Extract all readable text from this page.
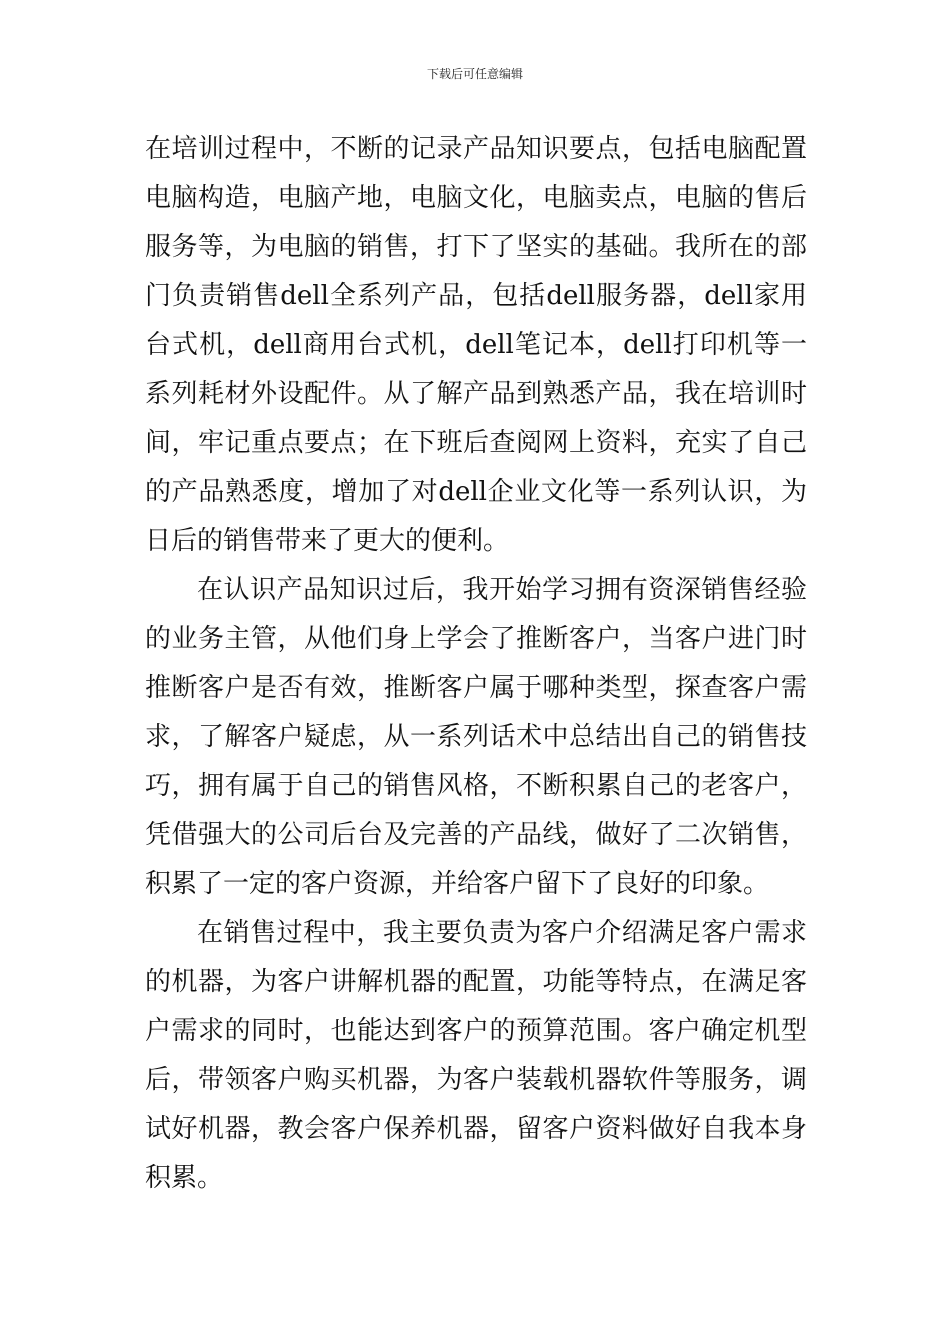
下载后可任意编辑

在培训过程中，不断的记录产品知识要点，包括电脑配置电脑构造，电脑产地，电脑文化，电脑卖点，电脑的售后服务等，为电脑的销售，打下了坚实的基础。我所在的部门负责销售dell全系列产品，包括dell服务器，dell家用台式机，dell商用台式机，dell笔记本，dell打印机等一系列耗材外设配件。从了解产品到熟悉产品，我在培训时间，牢记重点要点；在下班后查阅网上资料，充实了自己的产品熟悉度，增加了对dell企业文化等一系列认识，为日后的销售带来了更大的便利。

在认识产品知识过后，我开始学习拥有资深销售经验的业务主管，从他们身上学会了推断客户，当客户进门时推断客户是否有效，推断客户属于哪种类型，探查客户需求，了解客户疑虑，从一系列话术中总结出自己的销售技巧，拥有属于自己的销售风格，不断积累自己的老客户，凭借强大的公司后台及完善的产品线，做好了二次销售，积累了一定的客户资源，并给客户留下了良好的印象。

在销售过程中，我主要负责为客户介绍满足客户需求的机器，为客户讲解机器的配置，功能等特点，在满足客户需求的同时，也能达到客户的预算范围。客户确定机型后，带领客户购买机器，为客户装载机器软件等服务，调试好机器，教会客户保养机器，留客户资料做好自我本身积累。
